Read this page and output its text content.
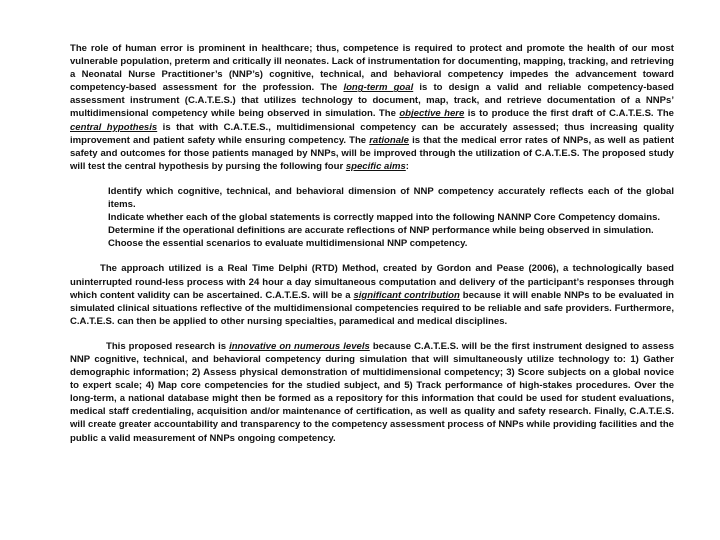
The role of human error is prominent in healthcare; thus, competence is required to protect and promote the health of our most vulnerable population, preterm and critically ill neonates. Lack of instrumentation for documenting, mapping, tracking, and retrieving a Neonatal Nurse Practitioner’s (NNP’s) cognitive, technical, and behavioral competency impedes the advancement toward competency-based assessment for the profession. The long-term goal is to design a valid and reliable competency-based assessment instrument (C.A.T.E.S.) that utilizes technology to document, map, track, and retrieve documentation of a NNPs’ multidimensional competency while being observed in simulation. The objective here is to produce the first draft of C.A.T.E.S. The central hypothesis is that with C.A.T.E.S., multidimensional competency can be accurately assessed; thus increasing quality improvement and patient safety while ensuring competency. The rationale is that the medical error rates of NNPs, as well as patient safety and outcomes for those patients managed by NNPs, will be improved through the utilization of C.A.T.E.S. The proposed study will test the central hypothesis by pursing the following four specific aims:

Identify which cognitive, technical, and behavioral dimension of NNP competency accurately reflects each of the global items.

Indicate whether each of the global statements is correctly mapped into the following NANNP Core Competency domains.

Determine if the operational definitions are accurate reflections of NNP performance while being observed in simulation.

Choose the essential scenarios to evaluate multidimensional NNP competency.

The approach utilized is a Real Time Delphi (RTD) Method, created by Gordon and Pease (2006), a technologically based uninterrupted round-less process with 24 hour a day simultaneous computation and delivery of the participant’s responses through which content validity can be ascertained. C.A.T.E.S. will be a significant contribution because it will enable NNPs to be evaluated in simulated clinical situations reflective of the multidimensional competencies required to be reliable and safe providers. Furthermore, C.A.T.E.S. can then be applied to other nursing specialties, paramedical and medical disciplines.

This proposed research is innovative on numerous levels because C.A.T.E.S. will be the first instrument designed to assess NNP cognitive, technical, and behavioral competency during simulation that will simultaneously utilize technology to: 1) Gather demographic information; 2) Assess physical demonstration of multidimensional competency; 3) Score subjects on a global novice to expert scale; 4) Map core competencies for the studied subject, and 5) Track performance of high-stakes procedures. Over the long-term, a national database might then be formed as a repository for this information that could be used for student evaluations, medical staff credentialing, acquisition and/or maintenance of certification, as well as quality and safety research. Finally, C.A.T.E.S. will create greater accountability and transparency to the competency assessment process of NNPs while providing facilities and the public a valid measurement of NNPs ongoing competency.
